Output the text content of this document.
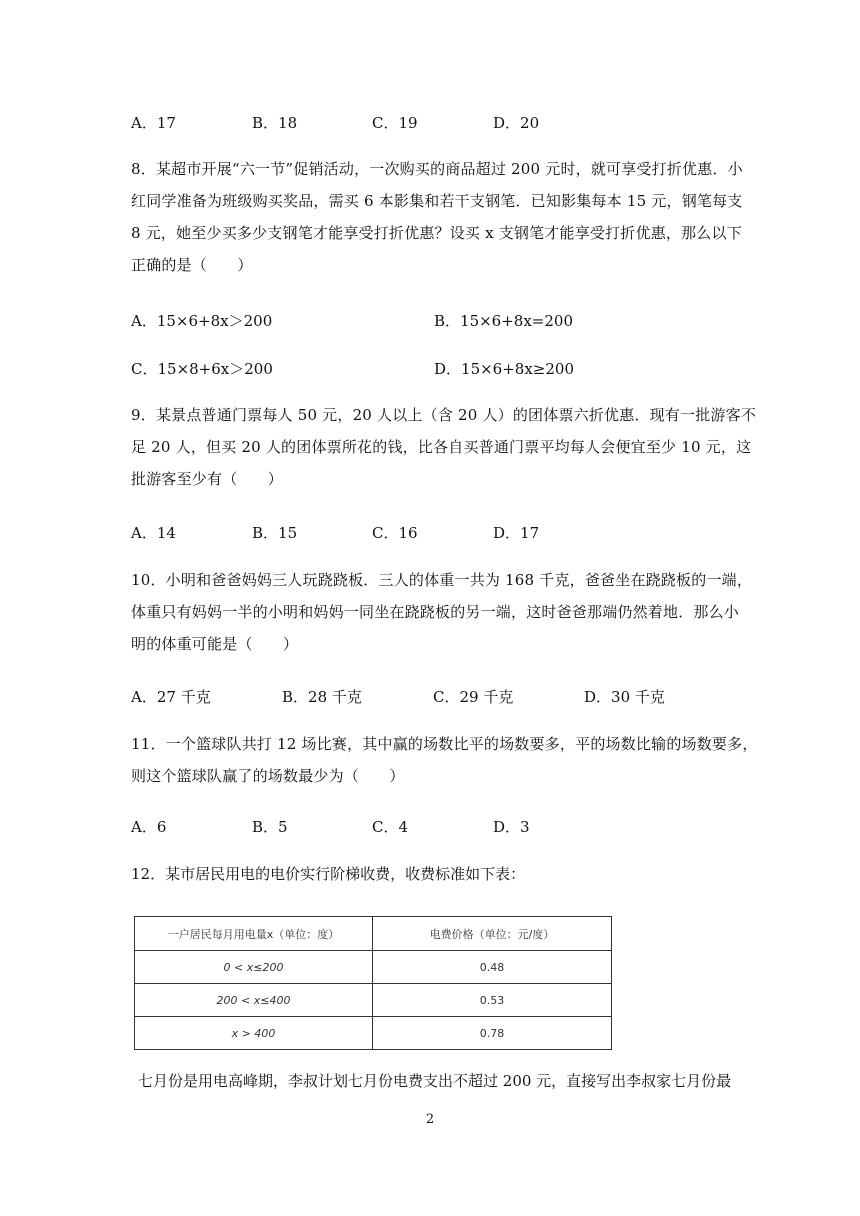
A．17	B．18	C．19	D．20
8．某超市开展“六一节”促销活动，一次购买的商品超过 200 元时，就可享受打折优惠．小
红同学准备为班级购买奖品，需买 6 本影集和若干支钢笔．已知影集每本 15 元，钢笔每支
8 元，她至少买多少支钢笔才能享受打折优惠？设买 x 支钢笔才能享受打折优惠，那么以下
正确的是（　　）
A．15×6+8x＞200	B．15×6+8x=200
C．15×8+6x＞200	D．15×6+8x≥200
9．某景点普通门票每人 50 元，20 人以上（含 20 人）的团体票六折优惠．现有一批游客不
足 20 人，但买 20 人的团体票所花的钱，比各自买普通门票平均每人会便宜至少 10 元，这
批游客至少有（　　）
A．14	B．15	C．16	D．17
10．小明和爸爸妈妈三人玩跷跷板．三人的体重一共为 168 千克，爸爸坐在跷跷板的一端，
体重只有妈妈一半的小明和妈妈一同坐在跷跷板的另一端，这时爸爸那端仍然着地．那么小
明的体重可能是（　　）
A．27 千克	B．28 千克	C．29 千克	D．30 千克
11．一个篮球队共打 12 场比赛，其中赢的场数比平的场数要多，平的场数比输的场数要多，
则这个篮球队赢了的场数最少为（　　）
A．6	B．5	C．4	D．3
12．某市居民用电的电价实行阶梯收费，收费标准如下表：
一户居民每月用电量x（单位：度）	电费价格（单位：元/度）
0 < x≤200	0.48
200 < x≤400	0.53
x > 400	0.78
七月份是用电高峰期，李叔计划七月份电费支出不超过 200 元，直接写出李叔家七月份最
2
